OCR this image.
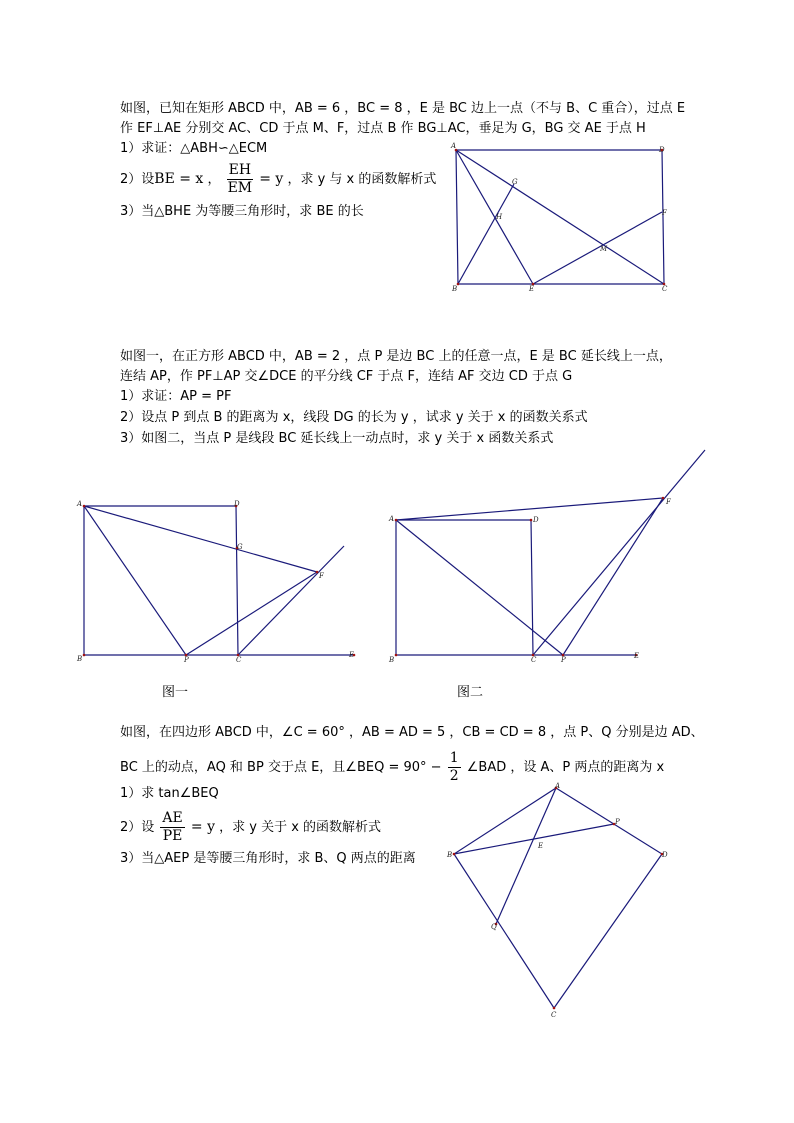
如图，已知在矩形 ABCD 中，AB = 6 ，BC = 8 ，E 是 BC 边上一点（不与 B、C 重合），过点 E
作 EF⊥AE 分别交 AC、CD 于点 M、F，过点 B 作 BG⊥AC，垂足为 G，BG 交 AE 于点 H
1）求证：△ABH∽△ECM
2）设BE = x ， $\frac{EH}{EM} = y$ ，求 y 与 x 的函数解析式
3）当△BHE 为等腰三角形时，求 BE 的长
A	D
G
H	F
M
B	E	C
如图一，在正方形 ABCD 中，AB = 2 ，点 P 是边 BC 上的任意一点，E 是 BC 延长线上一点，
连结 AP，作 PF⊥AP 交∠DCE 的平分线 CF 于点 F，连结 AF 交边 CD 于点 G
1）求证：AP = PF
2）设点 P 到点 B 的距离为 x，线段 DG 的长为 y ，试求 y 关于 x 的函数关系式
3）如图二，当点 P 是线段 BC 延长线上一动点时，求 y 关于 x 函数关系式
A	D
G
F
B	P	C
E
图一
A	D
F
B	C	P	E
图二
如图，在四边形 ABCD 中，∠C = 60° ，AB = AD = 5 ，CB = CD = 8 ，点 P、Q 分别是边 AD、
BC 上的动点，AQ 和 BP 交于点 E，且∠BEQ = $90^\circ - \frac{1}{2}$ ∠BAD ，设 A、P 两点的距离为 x
1）求 tan∠BEQ
2）设 $\frac{AE}{PE} = y$ ，求 y 关于 x 的函数解析式
3）当△AEP 是等腰三角形时，求 B、Q 两点的距离
A
P
B
E
D
Q
C
